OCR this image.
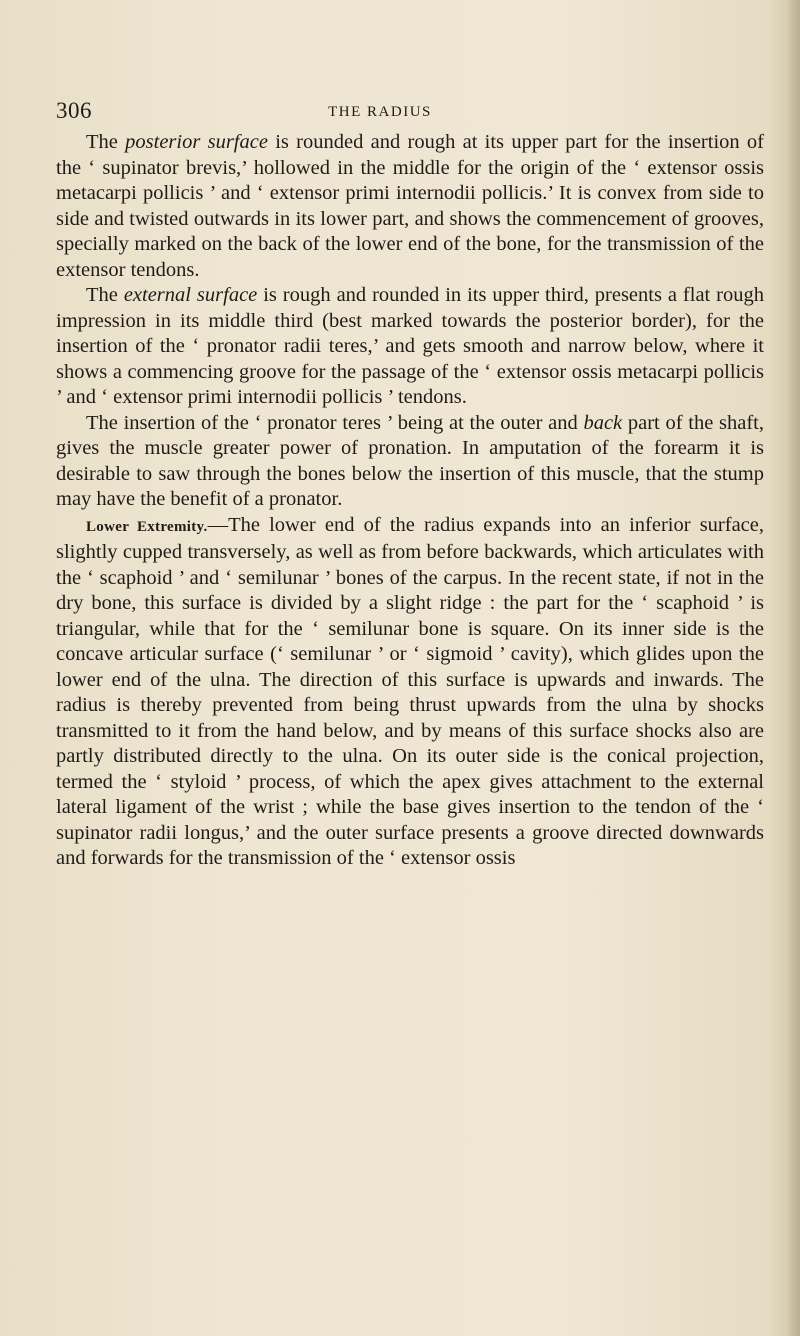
306	THE RADIUS

The posterior surface is rounded and rough at its upper part for the insertion of the ‘ supinator brevis,’ hollowed in the middle for the origin of the ‘ extensor ossis metacarpi pollicis ’ and ‘ extensor primi internodii pollicis.’ It is convex from side to side and twisted outwards in its lower part, and shows the commencement of grooves, specially marked on the back of the lower end of the bone, for the transmission of the extensor tendons.

The external surface is rough and rounded in its upper third, presents a flat rough impression in its middle third (best marked towards the posterior border), for the insertion of the ‘ pronator radii teres,’ and gets smooth and narrow below, where it shows a commencing groove for the passage of the ‘ extensor ossis metacarpi pollicis ’ and ‘ extensor primi internodii pollicis ’ tendons.

The insertion of the ‘ pronator teres ’ being at the outer and back part of the shaft, gives the muscle greater power of pronation. In amputation of the forearm it is desirable to saw through the bones below the insertion of this muscle, that the stump may have the benefit of a pronator.

Lower Extremity.—The lower end of the radius expands into an inferior surface, slightly cupped transversely, as well as from before backwards, which articulates with the ‘ scaphoid ’ and ‘ semilunar ’ bones of the carpus. In the recent state, if not in the dry bone, this surface is divided by a slight ridge : the part for the ‘ scaphoid ’ is triangular, while that for the ‘ semilunar bone is square. On its inner side is the concave articular surface (‘ semilunar ’ or ‘ sigmoid ’ cavity), which glides upon the lower end of the ulna. The direction of this surface is upwards and inwards. The radius is thereby prevented from being thrust upwards from the ulna by shocks transmitted to it from the hand below, and by means of this surface shocks also are partly distributed directly to the ulna. On its outer side is the conical projection, termed the ‘ styloid ’ process, of which the apex gives attachment to the external lateral ligament of the wrist ; while the base gives insertion to the tendon of the ‘ supinator radii longus,’ and the outer surface presents a groove directed downwards and forwards for the transmission of the ‘ extensor ossis
